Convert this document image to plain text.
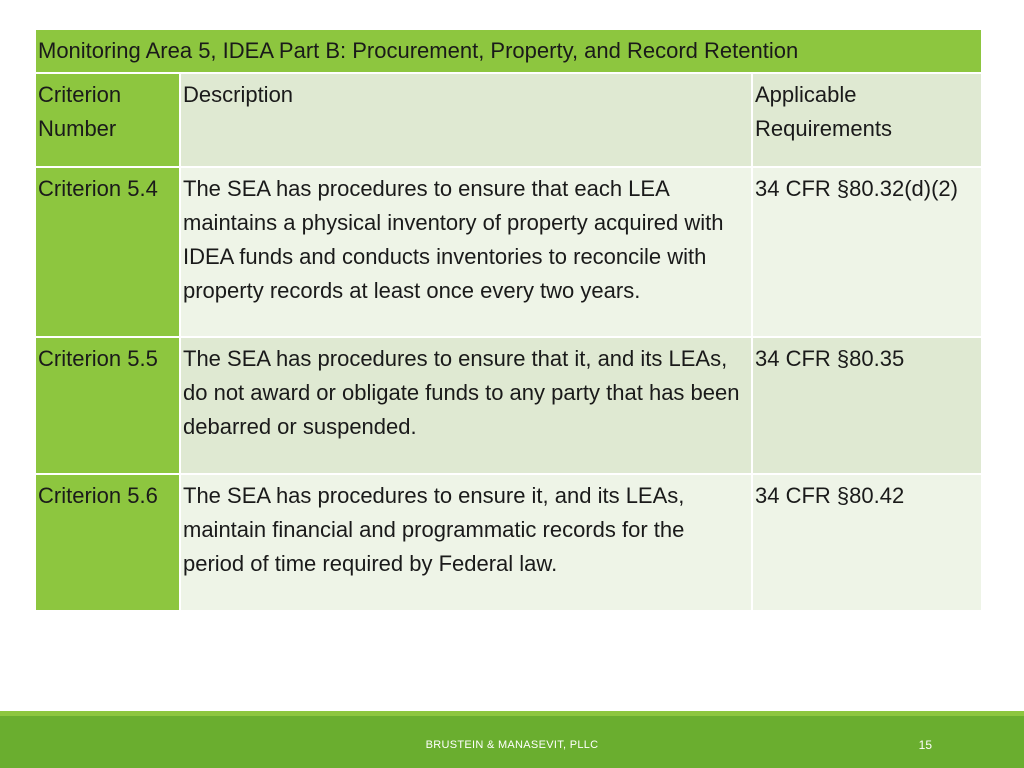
Monitoring Area 5, IDEA Part B: Procurement, Property, and Record Retention		
Criterion Number	Description	Applicable Requirements
Criterion 5.4	The SEA has procedures to ensure that each LEA maintains a physical inventory of property acquired with IDEA funds and conducts inventories to reconcile with property records at least once every two years.	34 CFR §80.32(d)(2)
Criterion 5.5	The SEA has procedures to ensure that it, and its LEAs, do not award or obligate funds to any party that has been debarred or suspended.	34 CFR §80.35
Criterion 5.6	The SEA has procedures to ensure it, and its LEAs, maintain financial and programmatic records for the period of time required by Federal law.	34 CFR §80.42
BRUSTEIN & MANASEVIT, PLLC	15
